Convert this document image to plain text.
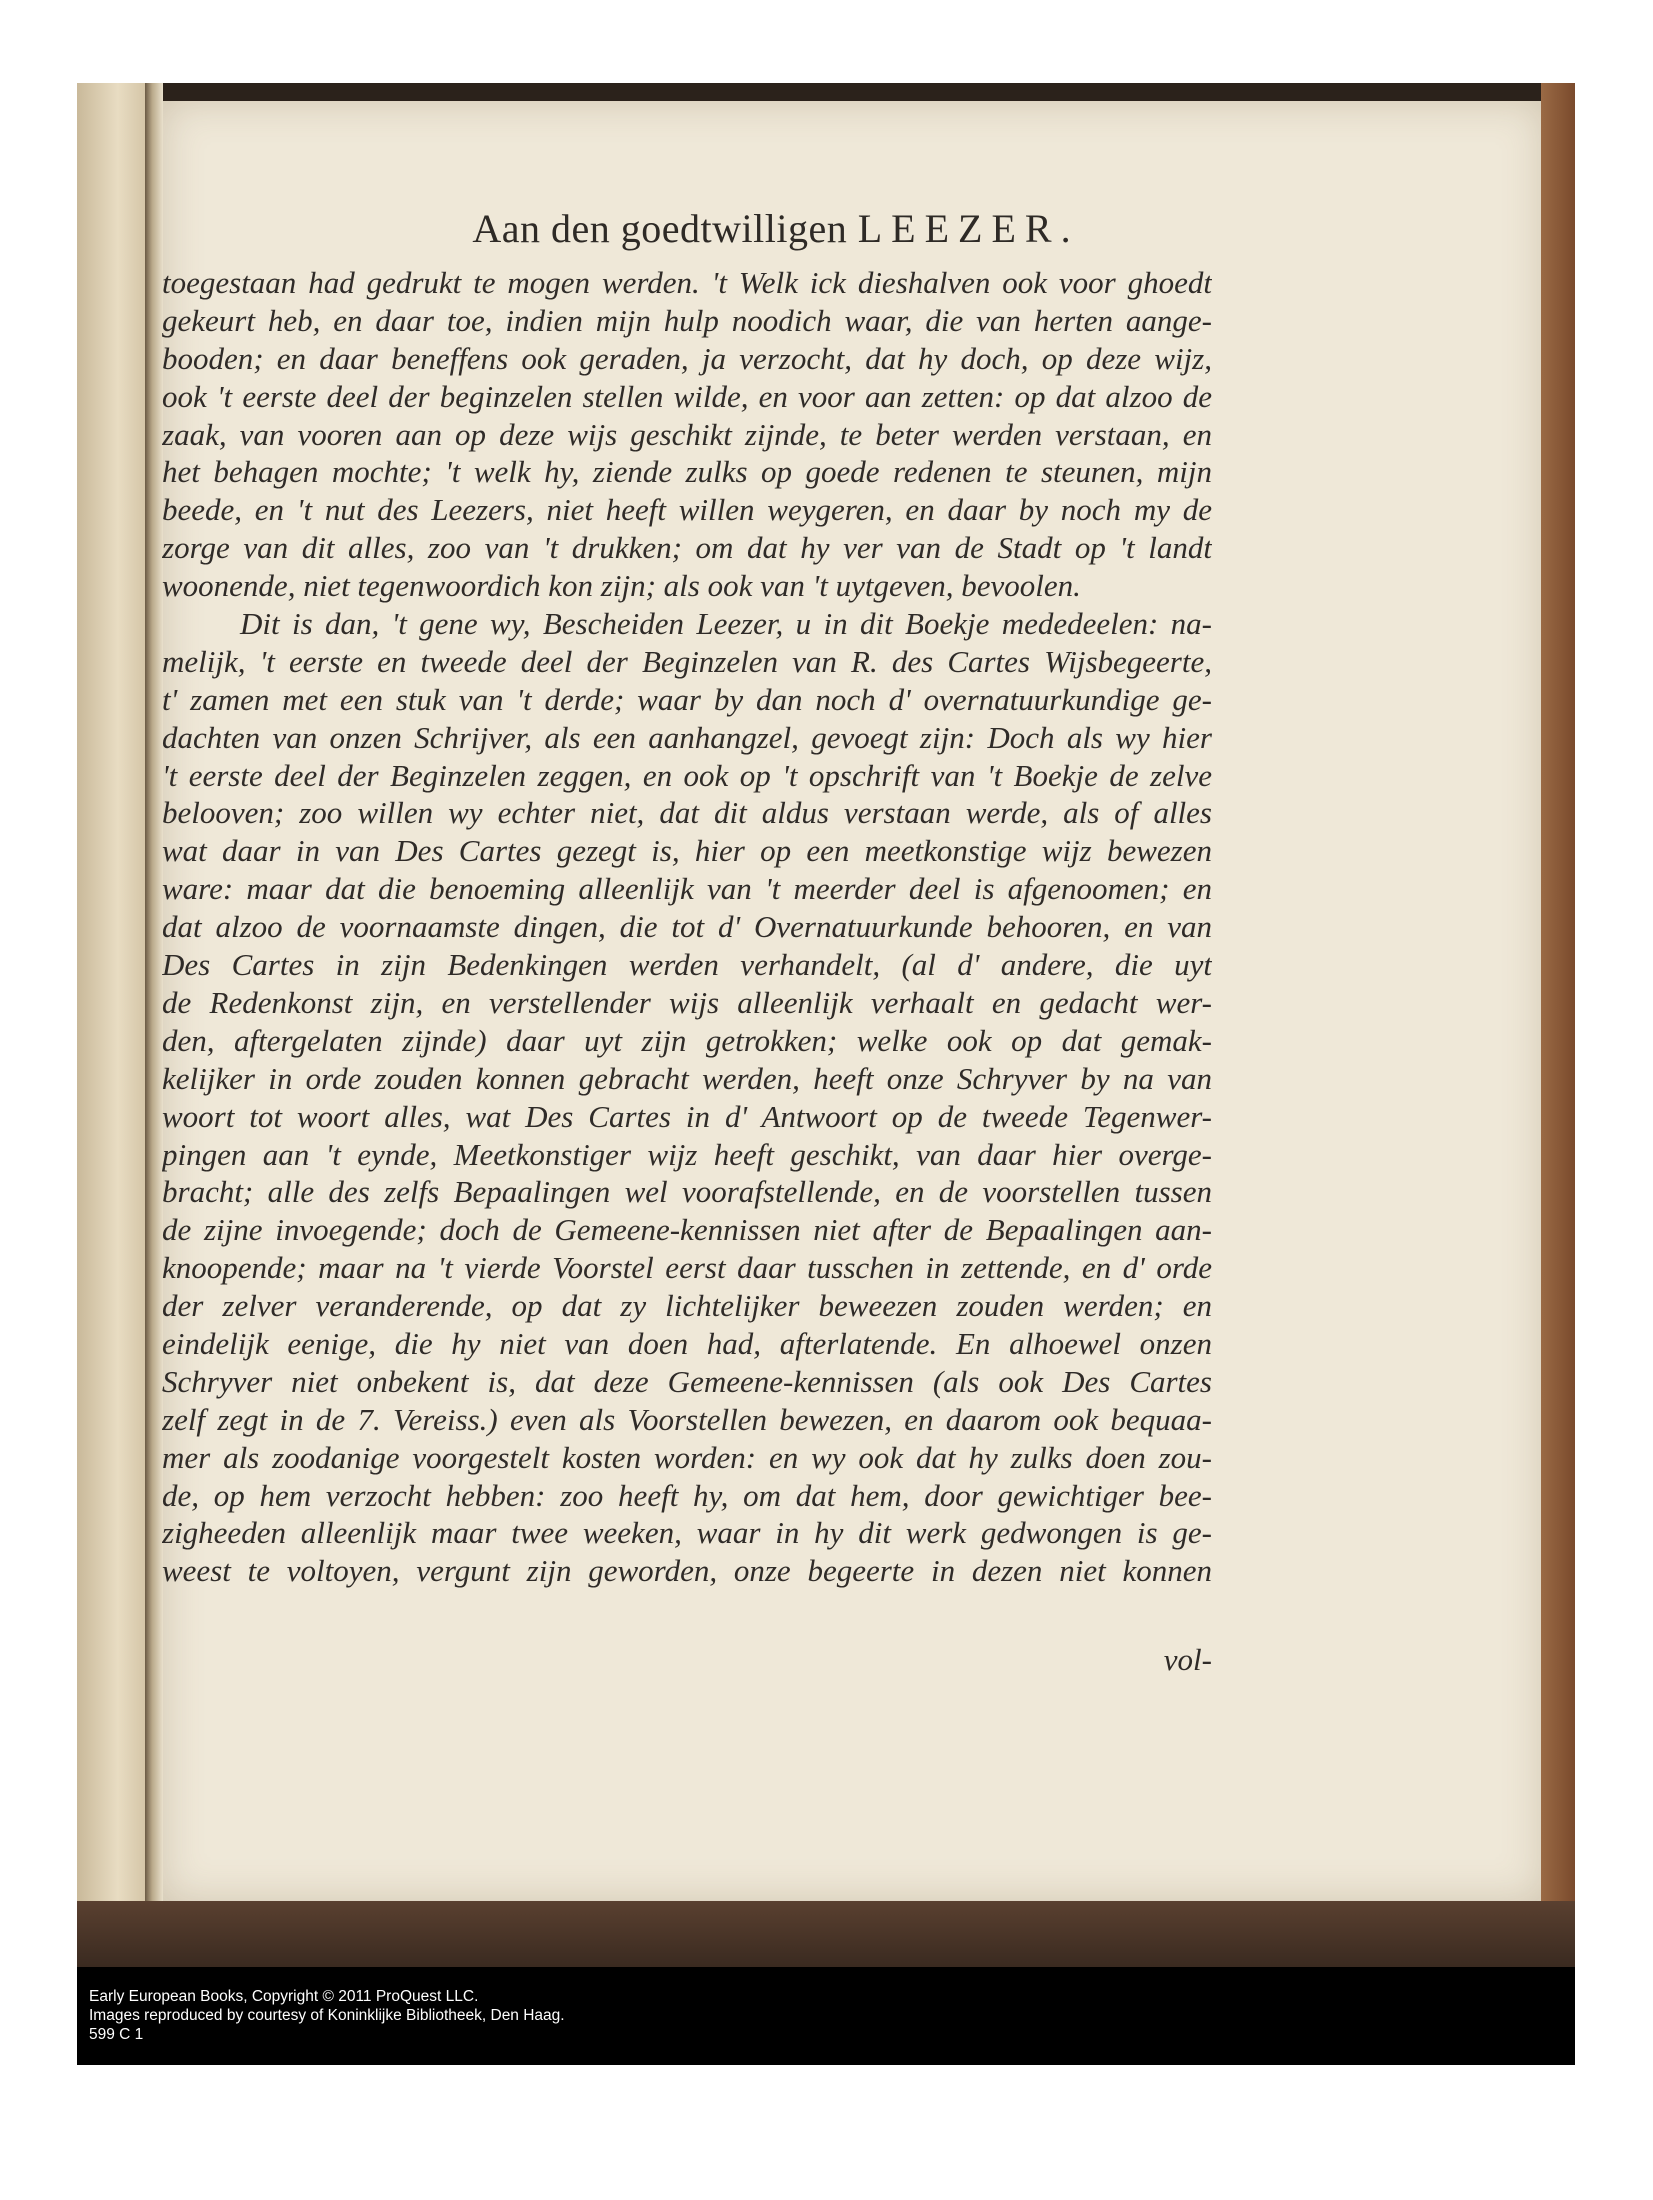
Aan den goedtwilligen LEEZER.
toegestaan had gedrukt te mogen werden. 't Welk ick dieshalven ook voor ghoedt
gekeurt heb, en daar toe, indien mijn hulp noodich waar, die van herten aange-
booden; en daar beneffens ook geraden, ja verzocht, dat hy doch, op deze wijz,
ook 't eerste deel der beginzelen stellen wilde, en voor aan zetten: op dat alzoo de
zaak, van vooren aan op deze wijs geschikt zijnde, te beter werden verstaan, en
het behagen mochte; 't welk hy, ziende zulks op goede redenen te steunen, mijn
beede, en 't nut des Leezers, niet heeft willen weygeren, en daar by noch my de
zorge van dit alles, zoo van 't drukken; om dat hy ver van de Stadt op 't landt
woonende, niet tegenwoordich kon zijn; als ook van 't uytgeven, bevoolen.
Dit is dan, 't gene wy, Bescheiden Leezer, u in dit Boekje mededeelen: na-
melijk, 't eerste en tweede deel der Beginzelen van R. des Cartes Wijsbegeerte,
t' zamen met een stuk van 't derde; waar by dan noch d' overnatuurkundige ge-
dachten van onzen Schrijver, als een aanhangzel, gevoegt zijn: Doch als wy hier
't eerste deel der Beginzelen zeggen, en ook op 't opschrift van 't Boekje de zelve
belooven; zoo willen wy echter niet, dat dit aldus verstaan werde, als of alles
wat daar in van Des Cartes gezegt is, hier op een meetkonstige wijz bewezen
ware: maar dat die benoeming alleenlijk van 't meerder deel is afgenoomen; en
dat alzoo de voornaamste dingen, die tot d' Overnatuurkunde behooren, en van
Des Cartes in zijn Bedenkingen werden verhandelt, (al d' andere, die uyt
de Redenkonst zijn, en verstellender wijs alleenlijk verhaalt en gedacht wer-
den, aftergelaten zijnde) daar uyt zijn getrokken; welke ook op dat gemak-
kelijker in orde zouden konnen gebracht werden, heeft onze Schryver by na van
woort tot woort alles, wat Des Cartes in d' Antwoort op de tweede Tegenwer-
pingen aan 't eynde, Meetkonstiger wijz heeft geschikt, van daar hier overge-
bracht; alle des zelfs Bepaalingen wel voorafstellende, en de voorstellen tussen
de zijne invoegende; doch de Gemeene-kennissen niet after de Bepaalingen aan-
knoopende; maar na 't vierde Voorstel eerst daar tusschen in zettende, en d' orde
der zelver veranderende, op dat zy lichtelijker beweezen zouden werden; en
eindelijk eenige, die hy niet van doen had, afterlatende. En alhoewel onzen
Schryver niet onbekent is, dat deze Gemeene-kennissen (als ook Des Cartes
zelf zegt in de 7. Vereiss.) even als Voorstellen bewezen, en daarom ook bequaa-
mer als zoodanige voorgestelt kosten worden: en wy ook dat hy zulks doen zou-
de, op hem verzocht hebben: zoo heeft hy, om dat hem, door gewichtiger bee-
zigheeden alleenlijk maar twee weeken, waar in hy dit werk gedwongen is ge-
weest te voltoyen, vergunt zijn geworden, onze begeerte in dezen niet konnen
vol-
Early European Books, Copyright © 2011 ProQuest LLC.
Images reproduced by courtesy of Koninklijke Bibliotheek, Den Haag.
599 C 1
